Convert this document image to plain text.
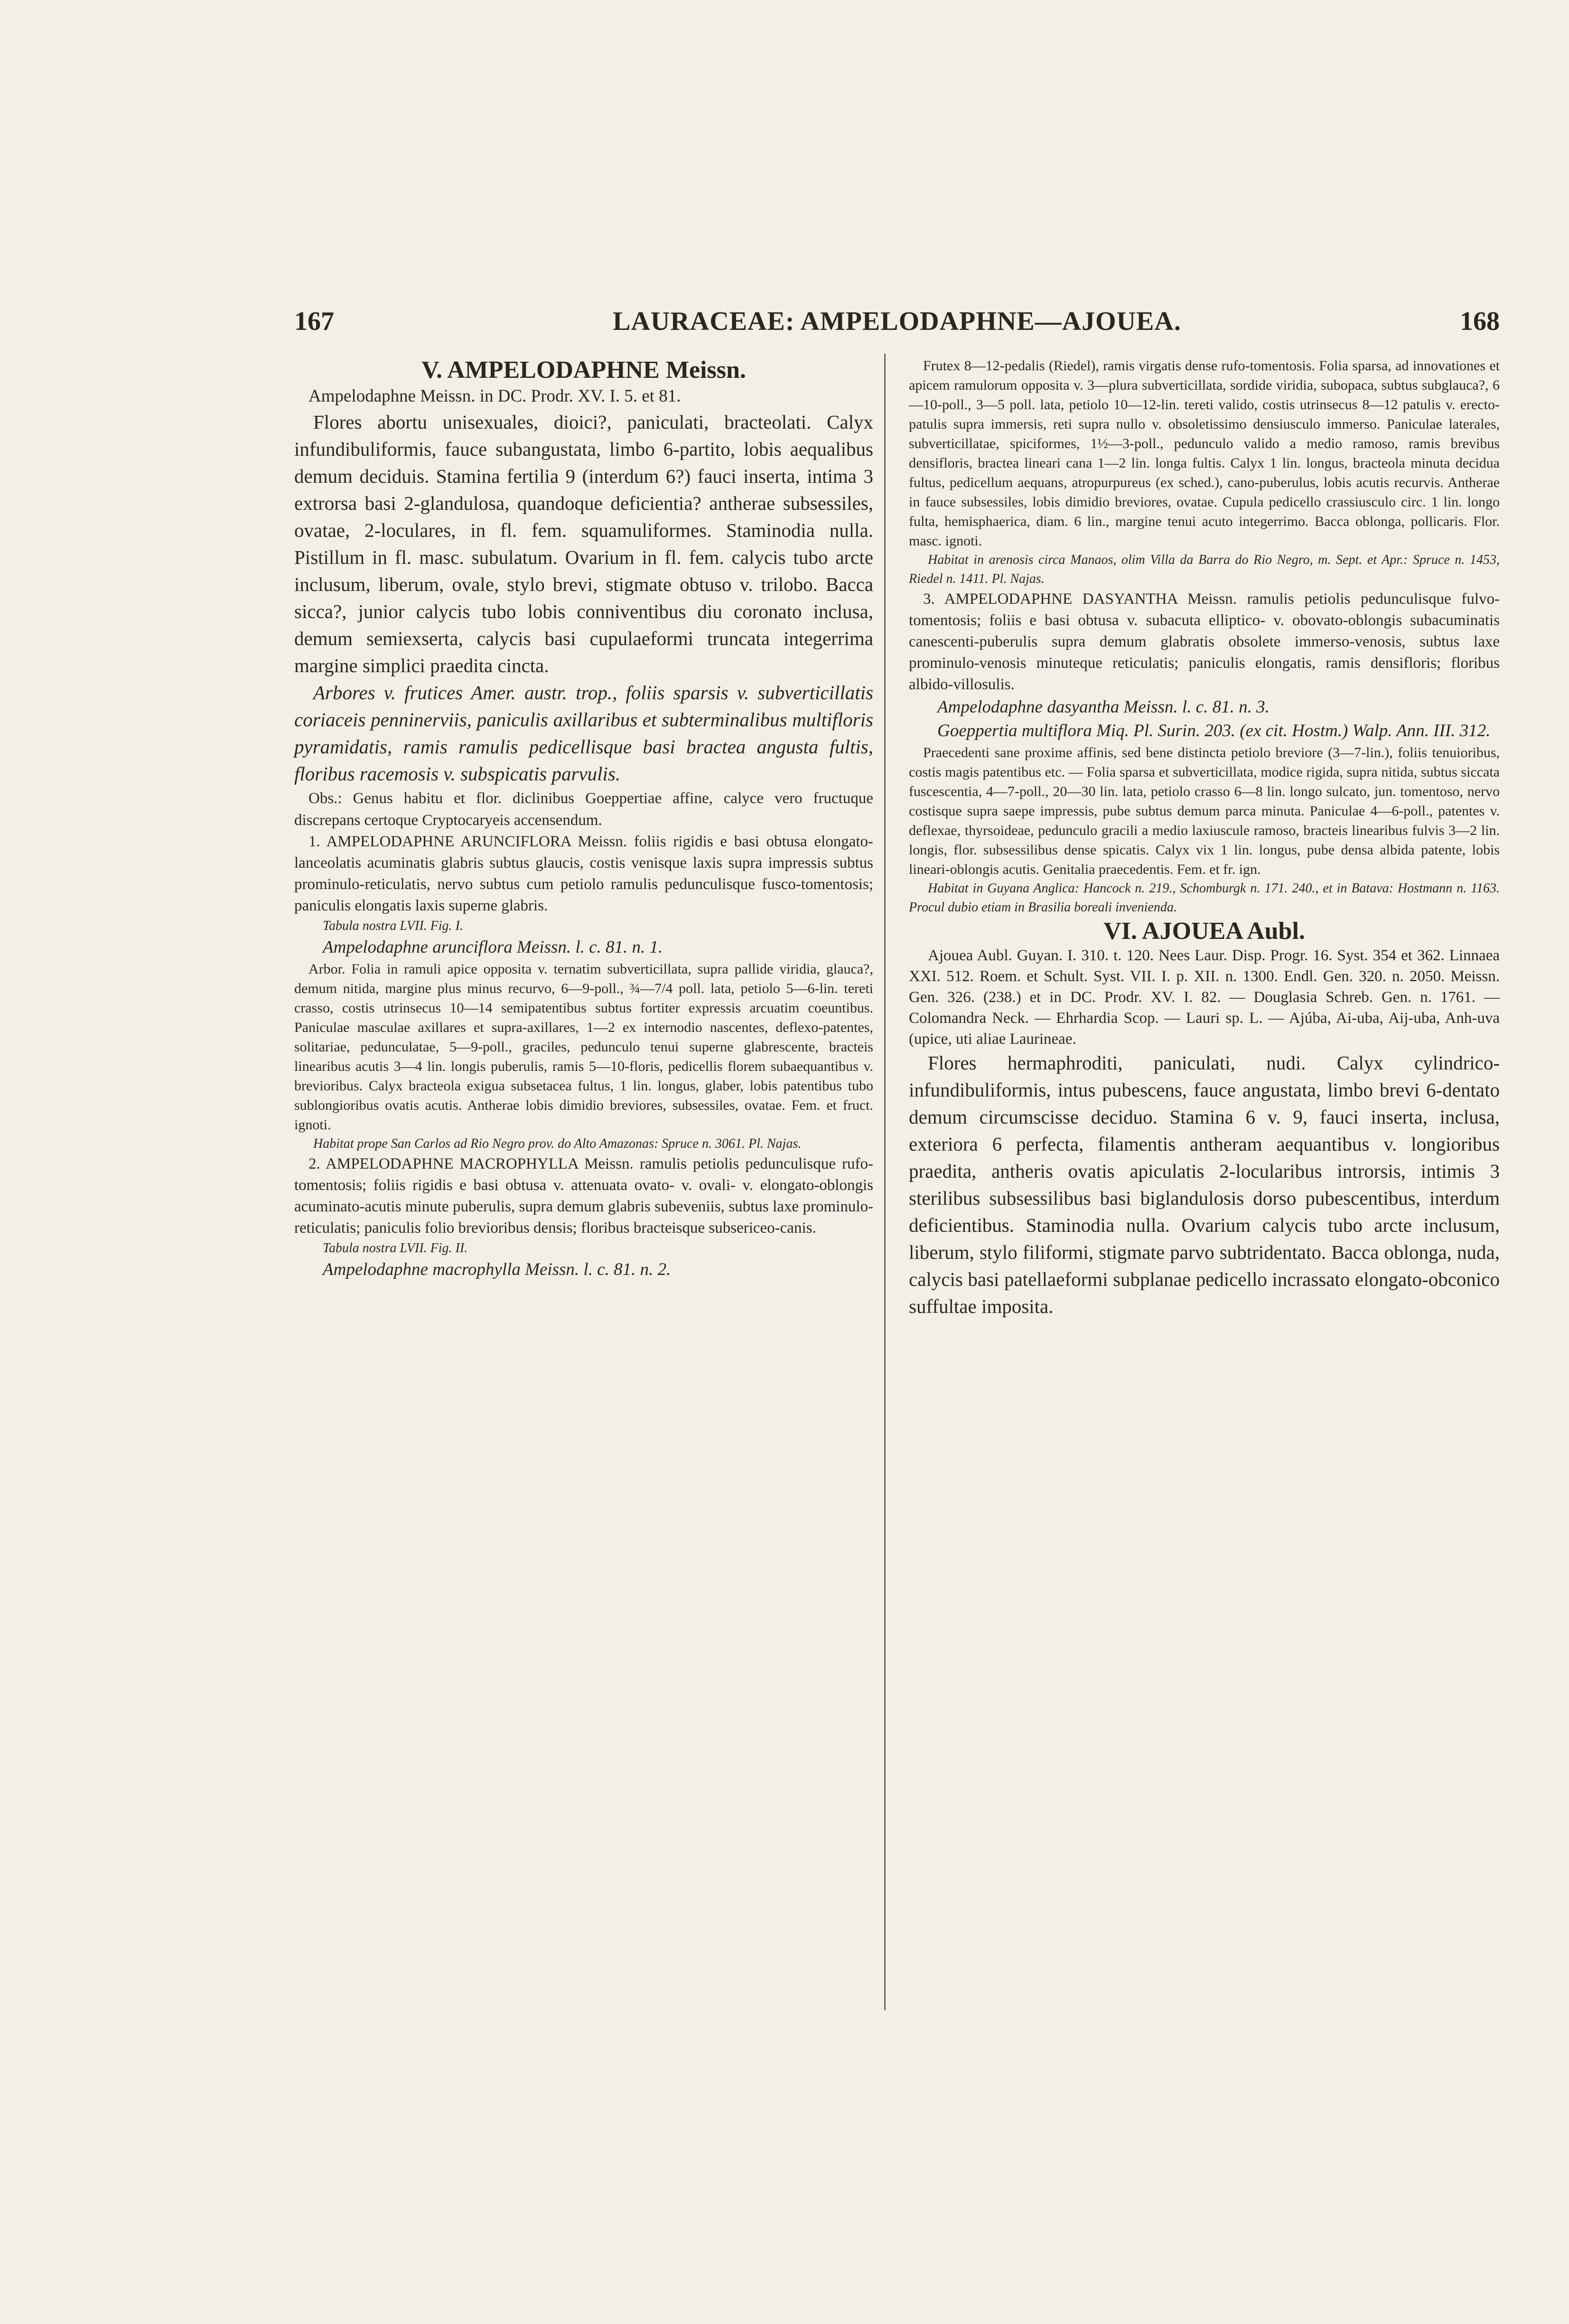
167	LAURACEAE: AMPELODAPHNE—AJOUEA.	168

V. AMPELODAPHNE Meissn.

Ampelodaphne Meissn. in DC. Prodr. XV. I. 5. et 81.

Flores abortu unisexuales, dioici?, paniculati, bracteolati. Calyx infundibuliformis, fauce subangustata, limbo 6-partito, lobis aequalibus demum deciduis. Stamina fertilia 9 (interdum 6?) fauci inserta, intima 3 extrorsa basi 2-glandulosa, quandoque deficientia? antherae subsessiles, ovatae, 2-loculares, in fl. fem. squamuliformes. Staminodia nulla. Pistillum in fl. masc. subulatum. Ovarium in fl. fem. calycis tubo arcte inclusum, liberum, ovale, stylo brevi, stigmate obtuso v. trilobo. Bacca sicca?, junior calycis tubo lobis conniventibus diu coronato inclusa, demum semiexserta, calycis basi cupulaeformi truncata integerrima margine simplici praedita cincta.

Arbores v. frutices Amer. austr. trop., foliis sparsis v. subverticillatis coriaceis penninerviis, paniculis axillaribus et subterminalibus multifloris pyramidatis, ramis ramulis pedicellisque basi bractea angusta fultis, floribus racemosis v. subspicatis parvulis.

Obs.: Genus habitu et flor. diclinibus Goeppertiae affine, calyce vero fructuque discrepans certoque Cryptocaryeis accensendum.

1. AMPELODAPHNE ARUNCIFLORA Meissn. foliis rigidis e basi obtusa elongato-lanceolatis acuminatis glabris subtus glaucis, costis venisque laxis supra impressis subtus prominulo-reticulatis, nervo subtus cum petiolo ramulis pedunculisque fusco-tomentosis; paniculis elongatis laxis superne glabris.

Tabula nostra LVII. Fig. I.

Ampelodaphne arunciflora Meissn. l. c. 81. n. 1.

Arbor. Folia in ramuli apice opposita v. ternatim subverticillata, supra pallide viridia, glauca?, demum nitida, margine plus minus recurvo, 6—9-poll., ¾—7/4 poll. lata, petiolo 5—6-lin. tereti crasso, costis utrinsecus 10—14 semipatentibus subtus fortiter expressis arcuatim coeuntibus. Paniculae masculae axillares et supra-axillares, 1—2 ex internodio nascentes, deflexo-patentes, solitariae, pedunculatae, 5—9-poll., graciles, pedunculo tenui superne glabrescente, bracteis linearibus acutis 3—4 lin. longis puberulis, ramis 5—10-floris, pedicellis florem subaequantibus v. brevioribus. Calyx bracteola exigua subsetacea fultus, 1 lin. longus, glaber, lobis patentibus tubo sublongioribus ovatis acutis. Antherae lobis dimidio breviores, subsessiles, ovatae. Fem. et fruct. ignoti.

Habitat prope San Carlos ad Rio Negro prov. do Alto Amazonas: Spruce n. 3061. Pl. Najas.

2. AMPELODAPHNE MACROPHYLLA Meissn. ramulis petiolis pedunculisque rufo-tomentosis; foliis rigidis e basi obtusa v. attenuata ovato- v. ovali- v. elongato-oblongis acuminato-acutis minute puberulis, supra demum glabris subeveniis, subtus laxe prominulo-reticulatis; paniculis folio brevioribus densis; floribus bracteisque subsericeo-canis.

Tabula nostra LVII. Fig. II.

Ampelodaphne macrophylla Meissn. l. c. 81. n. 2.

Frutex 8—12-pedalis (Riedel), ramis virgatis dense rufo-tomentosis. Folia sparsa, ad innovationes et apicem ramulorum opposita v. 3—plura subverticillata, sordide viridia, subopaca, subtus subglauca?, 6—10-poll., 3—5 poll. lata, petiolo 10—12-lin. tereti valido, costis utrinsecus 8—12 patulis v. erecto-patulis supra immersis, reti supra nullo v. obsoletissimo densiusculo immerso. Paniculae laterales, subverticillatae, spiciformes, 1½—3-poll., pedunculo valido a medio ramoso, ramis brevibus densifloris, bractea lineari cana 1—2 lin. longa fultis. Calyx 1 lin. longus, bracteola minuta decidua fultus, pedicellum aequans, atropurpureus (ex sched.), cano-puberulus, lobis acutis recurvis. Antherae in fauce subsessiles, lobis dimidio breviores, ovatae. Cupula pedicello crassiusculo circ. 1 lin. longo fulta, hemisphaerica, diam. 6 lin., margine tenui acuto integerrimo. Bacca oblonga, pollicaris. Flor. masc. ignoti.

Habitat in arenosis circa Manaos, olim Villa da Barra do Rio Negro, m. Sept. et Apr.: Spruce n. 1453, Riedel n. 1411. Pl. Najas.

3. AMPELODAPHNE DASYANTHA Meissn. ramulis petiolis pedunculisque fulvo-tomentosis; foliis e basi obtusa v. subacuta elliptico- v. obovato-oblongis subacuminatis canescenti-puberulis supra demum glabratis obsolete immerso-venosis, subtus laxe prominulo-venosis minuteque reticulatis; paniculis elongatis, ramis densifloris; floribus albido-villosulis.

Ampelodaphne dasyantha Meissn. l. c. 81. n. 3.

Goeppertia multiflora Miq. Pl. Surin. 203. (ex cit. Hostm.) Walp. Ann. III. 312.

Praecedenti sane proxime affinis, sed bene distincta petiolo breviore (3—7-lin.), foliis tenuioribus, costis magis patentibus etc. — Folia sparsa et subverticillata, modice rigida, supra nitida, subtus siccata fuscescentia, 4—7-poll., 20—30 lin. lata, petiolo crasso 6—8 lin. longo sulcato, jun. tomentoso, nervo costisque supra saepe impressis, pube subtus demum parca minuta. Paniculae 4—6-poll., patentes v. deflexae, thyrsoideae, pedunculo gracili a medio laxiuscule ramoso, bracteis linearibus fulvis 3—2 lin. longis, flor. subsessilibus dense spicatis. Calyx vix 1 lin. longus, pube densa albida patente, lobis lineari-oblongis acutis. Genitalia praecedentis. Fem. et fr. ign.

Habitat in Guyana Anglica: Hancock n. 219., Schomburgk n. 171. 240., et in Batava: Hostmann n. 1163. Procul dubio etiam in Brasilia boreali invenienda.

VI. AJOUEA Aubl.

Ajouea Aubl. Guyan. I. 310. t. 120. Nees Laur. Disp. Progr. 16. Syst. 354 et 362. Linnaea XXI. 512. Roem. et Schult. Syst. VII. I. p. XII. n. 1300. Endl. Gen. 320. n. 2050. Meissn. Gen. 326. (238.) et in DC. Prodr. XV. I. 82. — Douglasia Schreb. Gen. n. 1761. — Colomandra Neck. — Ehrhardia Scop. — Lauri sp. L. — Ajúba, Ai-uba, Aij-uba, Anh-uva (upice, uti aliae Laurineae.

Flores hermaphroditi, paniculati, nudi. Calyx cylindrico-infundibuliformis, intus pubescens, fauce angustata, limbo brevi 6-dentato demum circumscisse deciduo. Stamina 6 v. 9, fauci inserta, inclusa, exteriora 6 perfecta, filamentis antheram aequantibus v. longioribus praedita, antheris ovatis apiculatis 2-locularibus introrsis, intimis 3 sterilibus subsessilibus basi biglandulosis dorso pubescentibus, interdum deficientibus. Staminodia nulla. Ovarium calycis tubo arcte inclusum, liberum, stylo filiformi, stigmate parvo subtridentato. Bacca oblonga, nuda, calycis basi patellaeformi subplanae pedicello incrassato elongato-obconico suffultae imposita.
